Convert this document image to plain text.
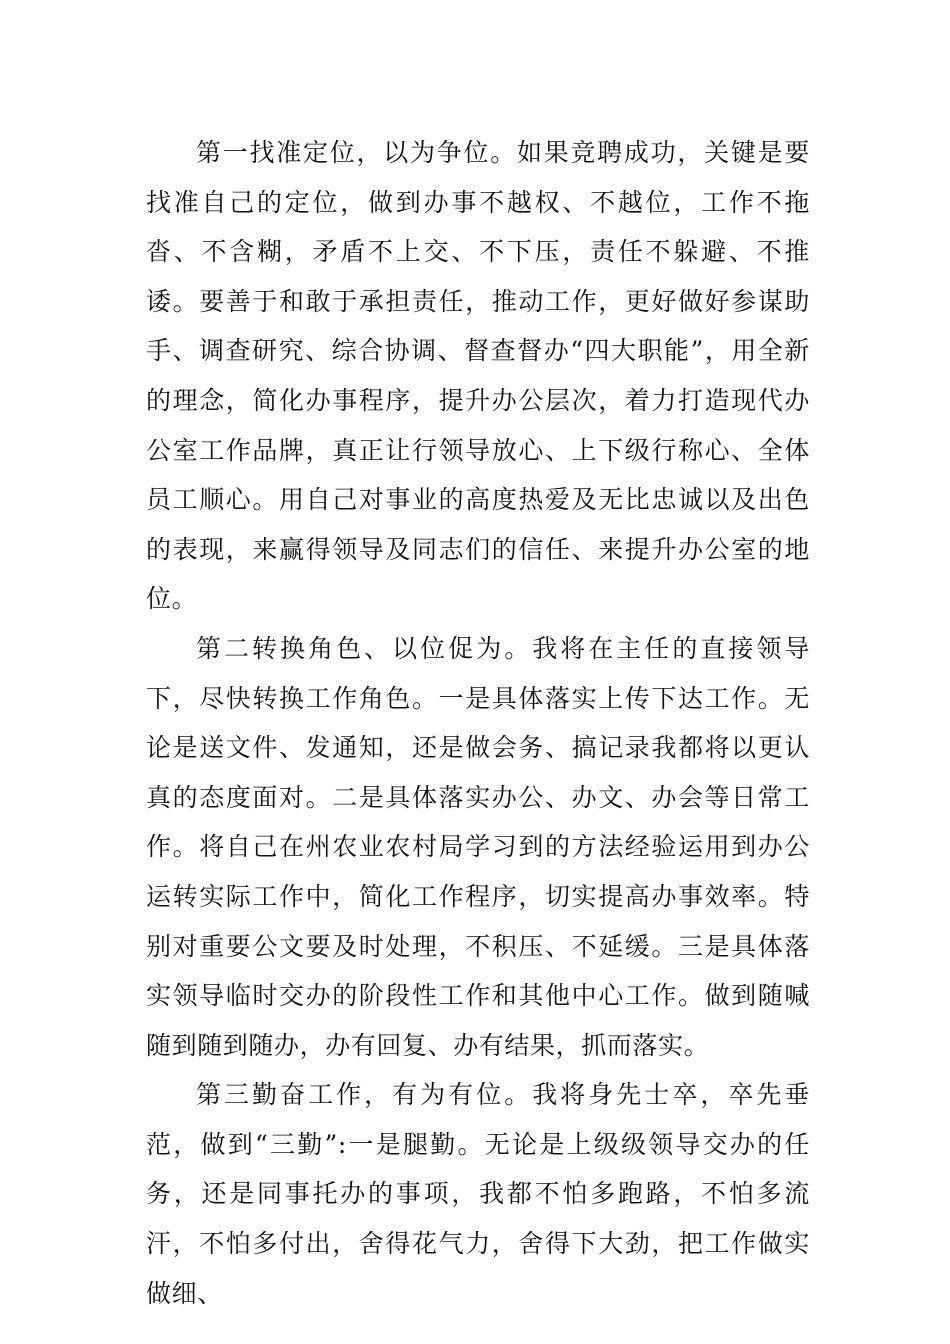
第一找准定位，以为争位。如果竞聘成功，关键是要找准自己的定位，做到办事不越权、不越位，工作不拖沓、不含糊，矛盾不上交、不下压，责任不躲避、不推诿。要善于和敢于承担责任，推动工作，更好做好参谋助手、调查研究、综合协调、督查督办“四大职能”，用全新的理念，简化办事程序，提升办公层次，着力打造现代办公室工作品牌，真正让行领导放心、上下级行称心、全体员工顺心。用自己对事业的高度热爱及无比忠诚以及出色的表现，来赢得领导及同志们的信任、来提升办公室的地位。

第二转换角色、以位促为。我将在主任的直接领导下，尽快转换工作角色。一是具体落实上传下达工作。无论是送文件、发通知，还是做会务、搞记录我都将以更认真的态度面对。二是具体落实办公、办文、办会等日常工作。将自己在州农业农村局学习到的方法经验运用到办公运转实际工作中，简化工作程序，切实提高办事效率。特别对重要公文要及时处理，不积压、不延缓。三是具体落实领导临时交办的阶段性工作和其他中心工作。做到随喊随到随到随办，办有回复、办有结果，抓而落实。

第三勤奋工作，有为有位。我将身先士卒，卒先垂范，做到“三勤”:一是腿勤。无论是上级级领导交办的任务，还是同事托办的事项，我都不怕多跑路，不怕多流汗，不怕多付出，舍得花气力，舍得下大劲，把工作做实做细、
